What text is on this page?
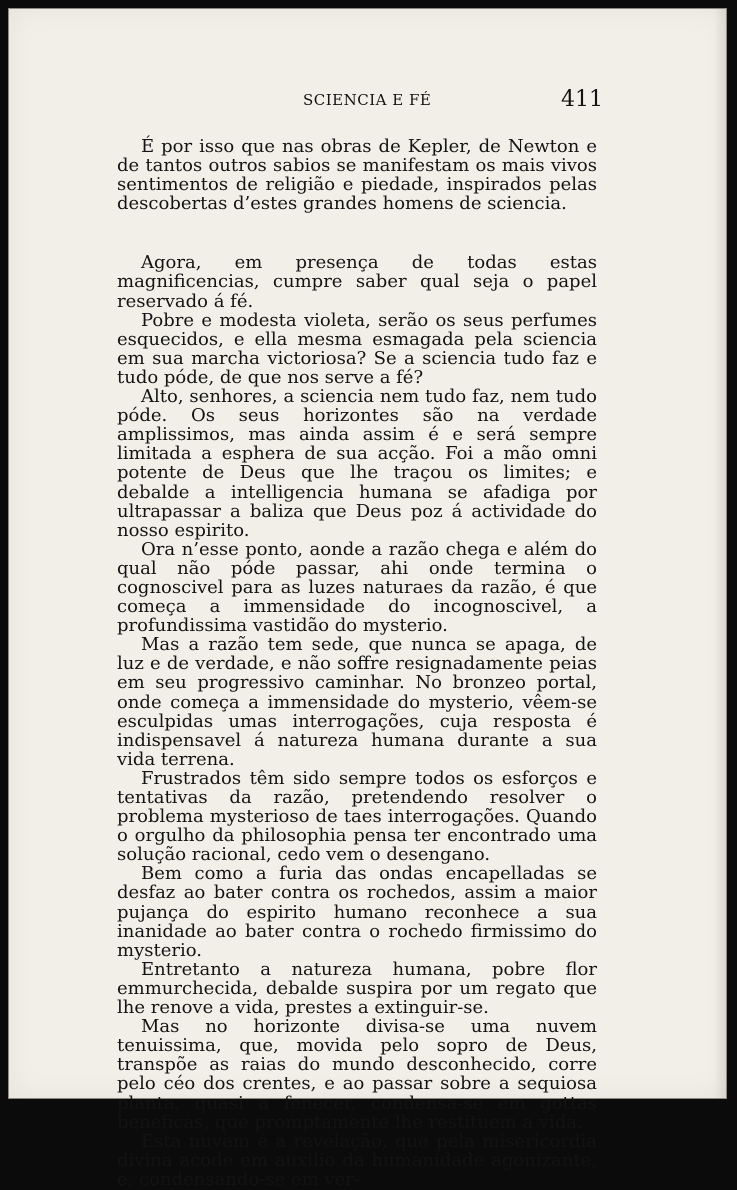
SCIENCIA E FÉ	411

É por isso que nas obras de Kepler, de Newton e de tantos outros sabios se manifestam os mais vivos sentimentos de religião e piedade, inspirados pelas descobertas d’estes grandes homens de sciencia.

Agora, em presença de todas estas magnificencias, cumpre saber qual seja o papel reservado á fé.

Pobre e modesta violeta, serão os seus perfumes esquecidos, e ella mesma esmagada pela sciencia em sua marcha victoriosa? Se a sciencia tudo faz e tudo póde, de que nos serve a fé?

Alto, senhores, a sciencia nem tudo faz, nem tudo póde. Os seus horizontes são na verdade amplissimos, mas ainda assim é e será sempre limitada a esphera de sua acção. Foi a mão omni potente de Deus que lhe traçou os limites; e debalde a intelligencia humana se afadiga por ultrapassar a baliza que Deus poz á actividade do nosso espirito.

Ora n’esse ponto, aonde a razão chega e além do qual não póde passar, ahi onde termina o cognoscivel para as luzes naturaes da razão, é que começa a immensidade do incognoscivel, a profundissima vastidão do mysterio.

Mas a razão tem sede, que nunca se apaga, de luz e de verdade, e não soffre resignadamente peias em seu progressivo caminhar. No bronzeo portal, onde começa a immensidade do mysterio, vêem-se esculpidas umas interrogações, cuja resposta é indispensavel á natureza humana durante a sua vida terrena.

Frustrados têm sido sempre todos os esforços e tentativas da razão, pretendendo resolver o problema mysterioso de taes interrogações. Quando o orgulho da philosophia pensa ter encontrado uma solução racional, cedo vem o desengano.

Bem como a furia das ondas encapelladas se desfaz ao bater contra os rochedos, assim a maior pujança do espirito humano reconhece a sua inanidade ao bater contra o rochedo firmissimo do mysterio.

Entretanto a natureza humana, pobre flor emmurchecida, debalde suspira por um regato que lhe renove a vida, prestes a extinguir-se.

Mas no horizonte divisa-se uma nuvem tenuissima, que, movida pelo sopro de Deus, transpõe as raias do mundo desconhecido, corre pelo céo dos crentes, e ao passar sobre a sequiosa planta, quasi a fenecer, condensa-se em gottas beneficas, que promptamente lhe restituem a vida.

Esta nuvem é a revelação, que pela misericordia divina acode em auxilio da humanidade agonizante, e, condensando-se em ver-
